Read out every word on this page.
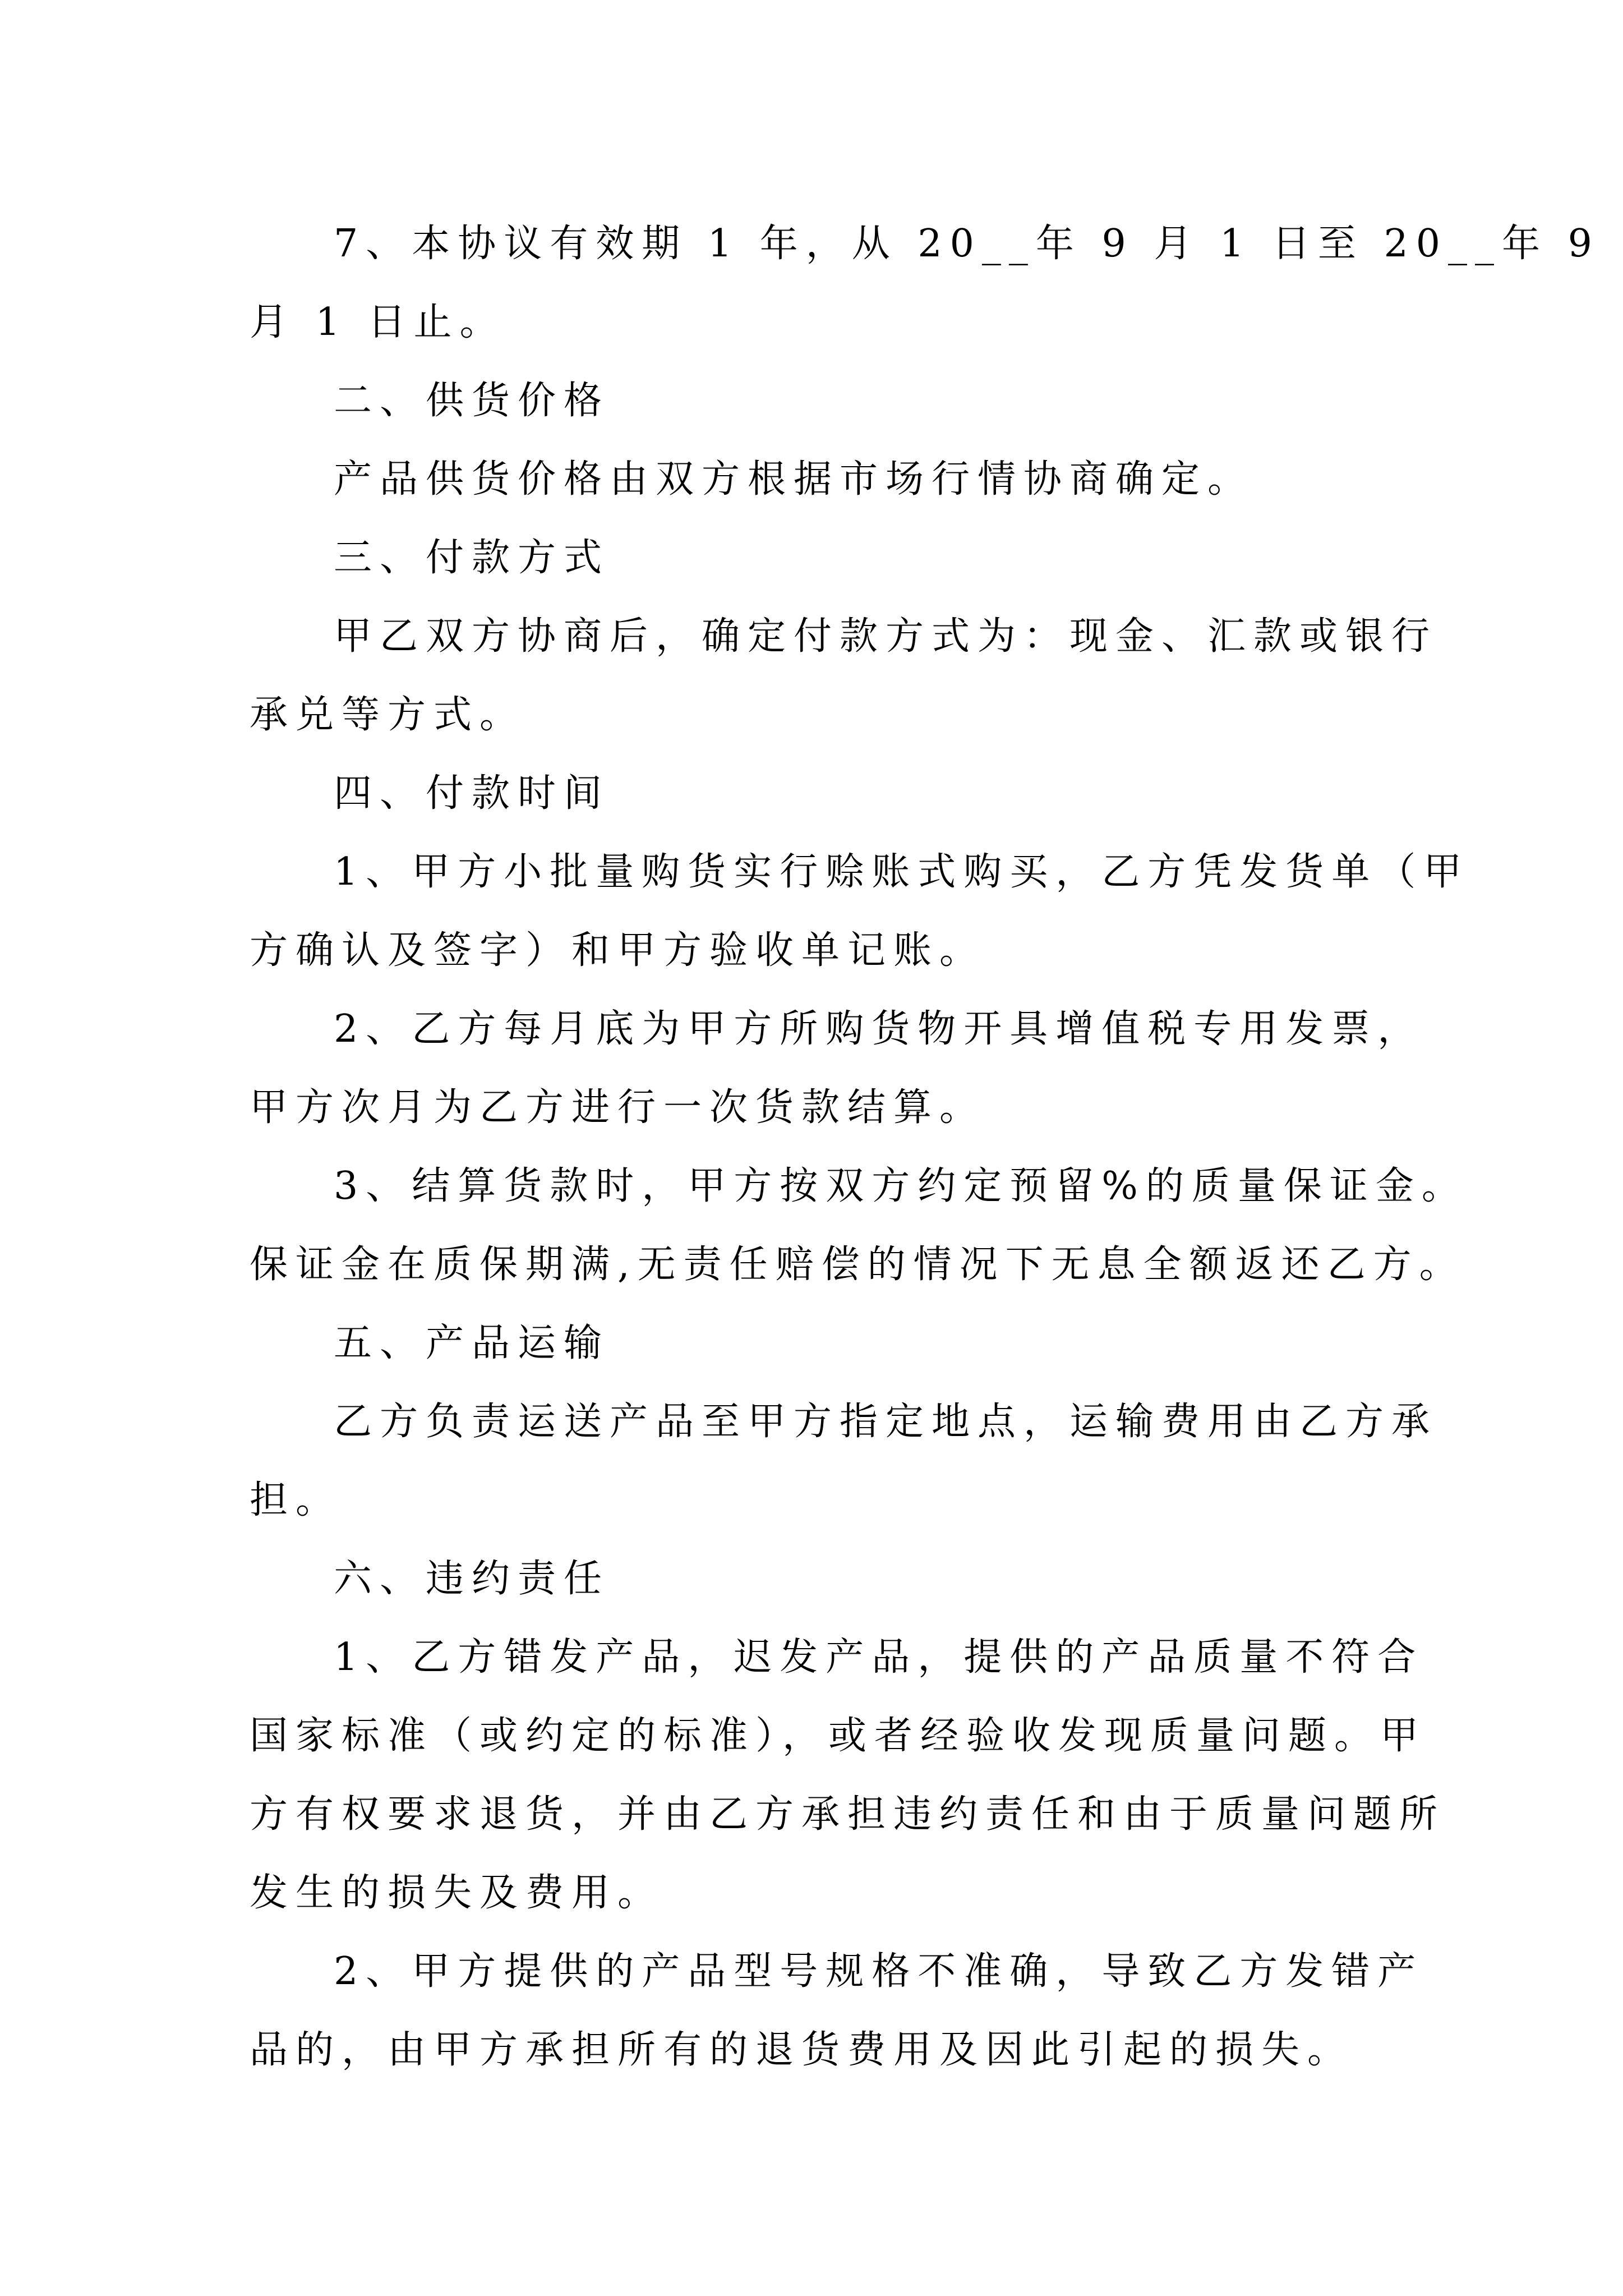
7、本协议有效期 1 年，从 20__年 9 月 1 日至 20__年 9
月 1 日止。
二、供货价格
产品供货价格由双方根据市场行情协商确定。
三、付款方式
甲乙双方协商后，确定付款方式为：现金、汇款或银行
承兑等方式。
四、付款时间
1、甲方小批量购货实行赊账式购买，乙方凭发货单（甲
方确认及签字）和甲方验收单记账。
2、乙方每月底为甲方所购货物开具增值税专用发票，
甲方次月为乙方进行一次货款结算。
3、结算货款时，甲方按双方约定预留%的质量保证金。
保证金在质保期满,无责任赔偿的情况下无息全额返还乙方。
五、产品运输
乙方负责运送产品至甲方指定地点，运输费用由乙方承
担。
六、违约责任
1、乙方错发产品，迟发产品，提供的产品质量不符合
国家标准（或约定的标准），或者经验收发现质量问题。甲
方有权要求退货，并由乙方承担违约责任和由于质量问题所
发生的损失及费用。
2、甲方提供的产品型号规格不准确，导致乙方发错产
品的，由甲方承担所有的退货费用及因此引起的损失。
